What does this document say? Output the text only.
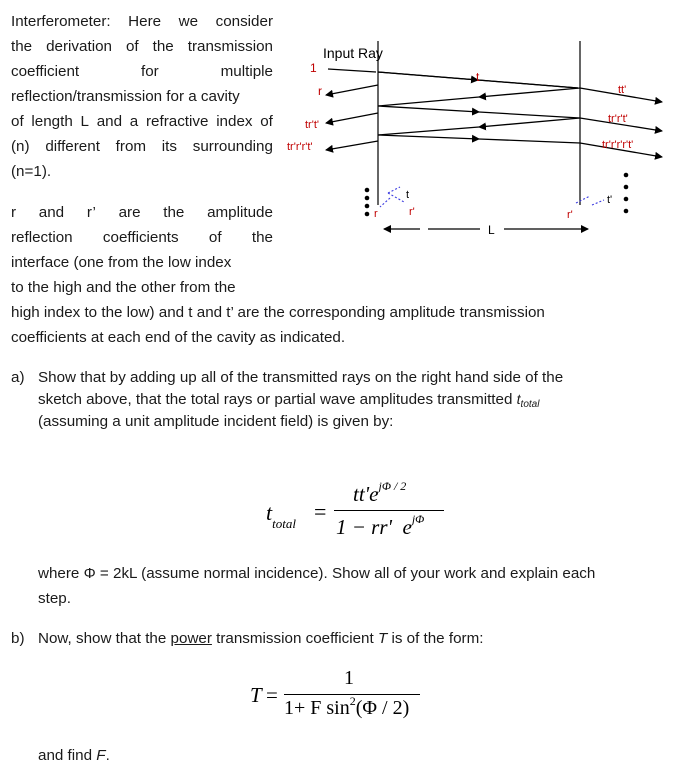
Interferometer: Here we consider
the derivation of the transmission
coefficient	for	multiple
reflection/transmission for a cavity
of length L and a refractive index of
(n) different from its surrounding
(n=1).
r and r’ are the amplitude
reflection coefficients of the
interface (one from the low index
to the high and the other from the
high index to the low) and t and t’ are the corresponding amplitude transmission
coefficients at each end of the cavity as indicated.
Input Ray
1
r
tr't'
tr'r'r't'
t
tt'
tr'r't'
tr'r'r'r't'
t
r	r'
t'
r'
L
a) Show that by adding up all of the transmitted rays on the right hand side of the
sketch above, that the total rays or partial wave amplitudes transmitted $t_{total}$
(assuming a unit amplitude incident field) is given by:
$t_{total}$ =
$tt'e^{j\Phi / 2}$
1 − rr'  $e^{j\Phi}$
where Φ = 2kL (assume normal incidence). Show all of your work and explain each
step.
b) Now, show that the power transmission coefficient T is of the form:
T =
1
1+ F $\sin^2(\Phi / 2)$
and find F.
